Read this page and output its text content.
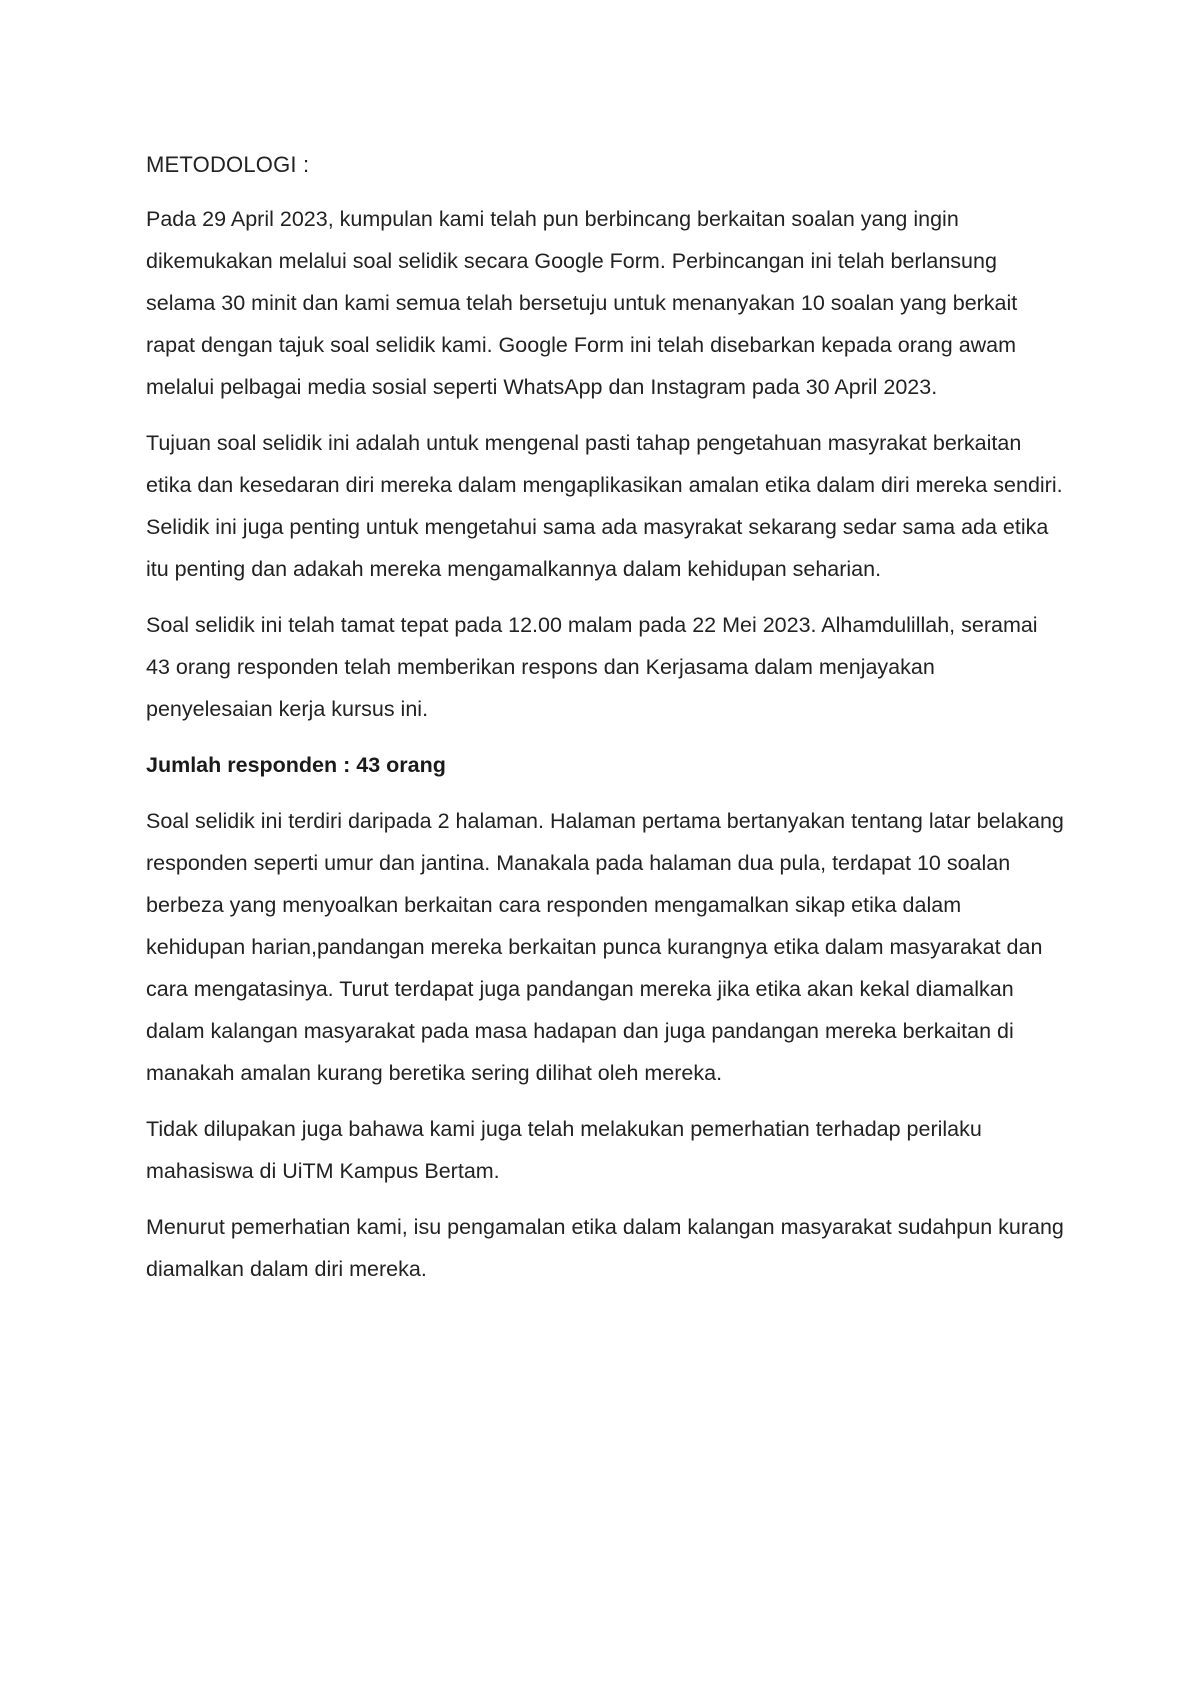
METODOLOGI :

Pada 29 April 2023, kumpulan kami telah pun berbincang berkaitan soalan yang ingin dikemukakan melalui soal selidik secara Google Form. Perbincangan ini telah berlansung selama 30 minit dan kami semua telah bersetuju untuk menanyakan 10 soalan yang berkait rapat dengan tajuk soal selidik kami. Google Form ini telah disebarkan kepada orang awam melalui pelbagai media sosial seperti WhatsApp dan Instagram pada 30 April 2023.

Tujuan soal selidik ini adalah untuk mengenal pasti tahap pengetahuan masyrakat berkaitan etika dan kesedaran diri mereka dalam mengaplikasikan amalan etika dalam diri mereka sendiri. Selidik ini juga penting untuk mengetahui sama ada masyrakat sekarang sedar sama ada etika itu penting dan adakah mereka mengamalkannya dalam kehidupan seharian.

Soal selidik ini telah tamat tepat pada 12.00 malam pada 22 Mei 2023. Alhamdulillah, seramai 43 orang responden telah memberikan respons dan Kerjasama dalam menjayakan penyelesaian kerja kursus ini.

Jumlah responden : 43 orang

Soal selidik ini terdiri daripada 2 halaman. Halaman pertama bertanyakan tentang latar belakang responden seperti umur dan jantina. Manakala pada halaman dua pula, terdapat 10 soalan berbeza yang menyoalkan berkaitan cara responden mengamalkan sikap etika dalam kehidupan harian,pandangan mereka berkaitan punca kurangnya etika dalam masyarakat dan cara mengatasinya. Turut terdapat juga pandangan mereka jika etika akan kekal diamalkan dalam kalangan masyarakat pada masa hadapan dan juga pandangan mereka berkaitan di manakah amalan kurang beretika sering dilihat oleh mereka.

Tidak dilupakan juga bahawa kami juga telah melakukan pemerhatian terhadap perilaku mahasiswa di UiTM Kampus Bertam.

Menurut pemerhatian kami, isu pengamalan etika dalam kalangan masyarakat sudahpun kurang diamalkan dalam diri mereka.
